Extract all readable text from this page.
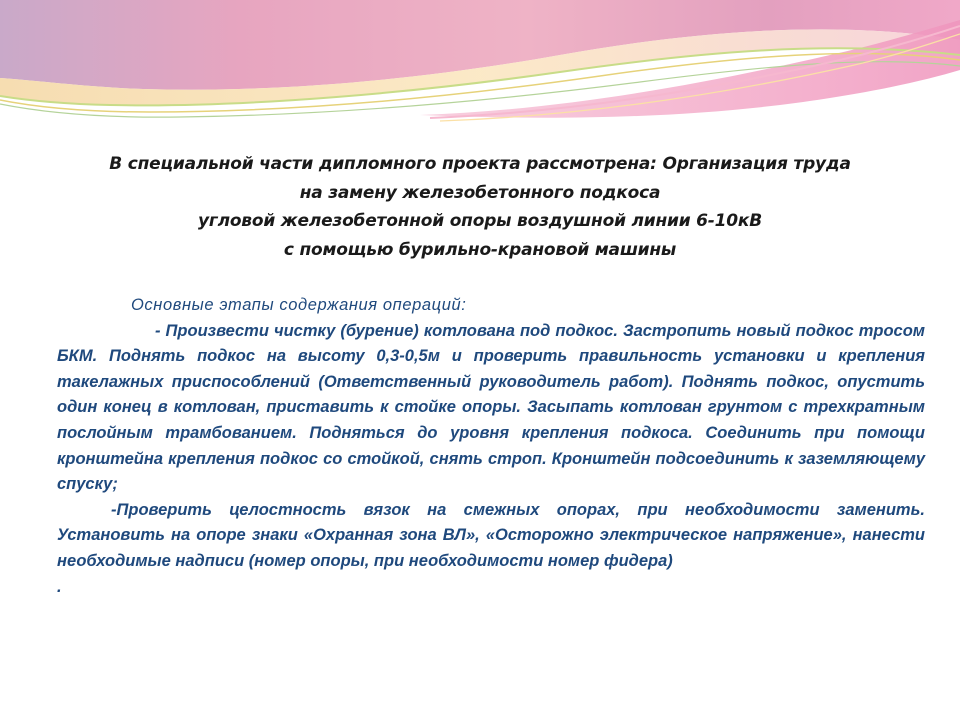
В специальной части дипломного проекта рассмотрена: Организация труда
на замену железобетонного подкоса
угловой железобетонной опоры воздушной линии 6-10кВ
с помощью бурильно-крановой машины
Основные этапы содержания операций:

- Произвести чистку (бурение) котлована под подкос. Застропить новый подкос тросом БКМ. Поднять подкос на высоту 0,3-0,5м и проверить правильность установки и крепления такелажных приспособлений (Ответственный руководитель работ). Поднять подкос, опустить один конец в котлован, приставить к стойке опоры. Засыпать котлован грунтом с трехкратным послойным трамбованием. Подняться до уровня крепления подкоса. Соединить при помощи кронштейна крепления подкос со стойкой, снять строп. Кронштейн подсоединить к заземляющему спуску;

-Проверить целостность вязок на смежных опорах, при необходимости заменить. Установить на опоре знаки «Охранная зона ВЛ», «Осторожно электрическое напряжение», нанести необходимые надписи (номер опоры, при необходимости номер фидера)

.
